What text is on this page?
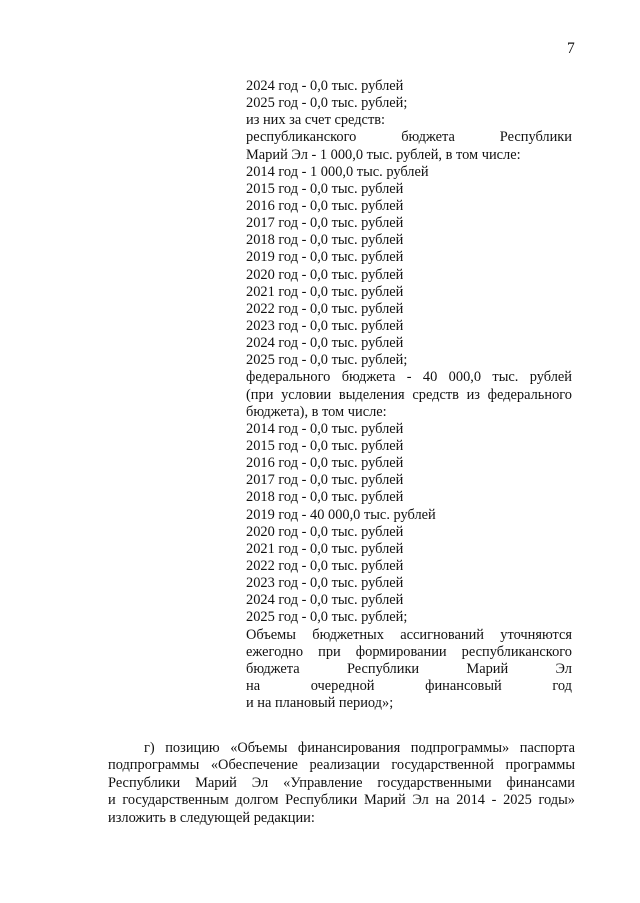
7
2024 год - 0,0 тыс. рублей
2025 год - 0,0 тыс. рублей;
из них за счет средств:
республиканского бюджета Республики
Марий Эл - 1 000,0 тыс. рублей, в том числе:
2014 год - 1 000,0 тыс. рублей
2015 год - 0,0 тыс. рублей
2016 год - 0,0 тыс. рублей
2017 год - 0,0 тыс. рублей
2018 год - 0,0 тыс. рублей
2019 год - 0,0 тыс. рублей
2020 год - 0,0 тыс. рублей
2021 год - 0,0 тыс. рублей
2022 год - 0,0 тыс. рублей
2023 год - 0,0 тыс. рублей
2024 год - 0,0 тыс. рублей
2025 год - 0,0 тыс. рублей;
федерального бюджета - 40 000,0 тыс. рублей
(при условии выделения средств из федерального
бюджета), в том числе:
2014 год - 0,0 тыс. рублей
2015 год - 0,0 тыс. рублей
2016 год - 0,0 тыс. рублей
2017 год - 0,0 тыс. рублей
2018 год - 0,0 тыс. рублей
2019 год - 40 000,0 тыс. рублей
2020 год - 0,0 тыс. рублей
2021 год - 0,0 тыс. рублей
2022 год - 0,0 тыс. рублей
2023 год - 0,0 тыс. рублей
2024 год - 0,0 тыс. рублей
2025 год - 0,0 тыс. рублей;
Объемы бюджетных ассигнований уточняются
ежегодно при формировании республиканского
бюджета Республики Марий Эл
на очередной финансовый год
и на плановый период»;
г) позицию «Объемы финансирования подпрограммы» паспорта
подпрограммы «Обеспечение реализации государственной программы
Республики Марий Эл «Управление государственными финансами
и государственным долгом Республики Марий Эл на 2014 - 2025 годы»
изложить в следующей редакции:
